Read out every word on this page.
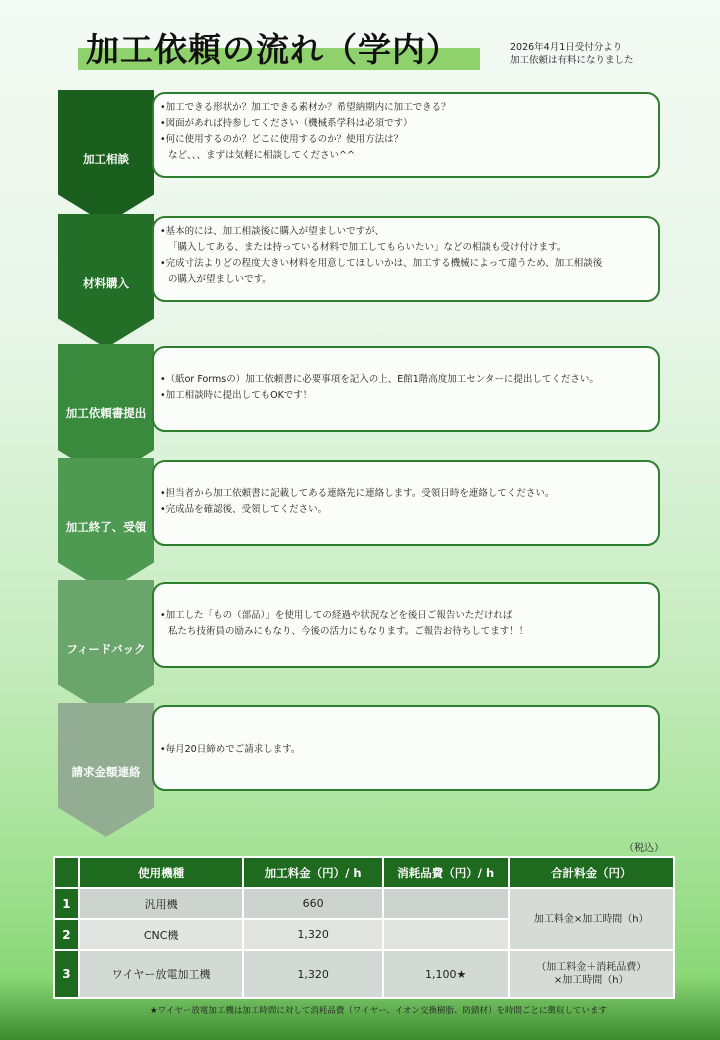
加工依頼の流れ（学内）	2026年4月1日受付分より
加工依頼は有料になりました
加工相談
•加工できる形状か？加工できる素材か？希望納期内に加工できる？
•図面があれば持参してください（機械系学科は必須です）
•何に使用するのか？どこに使用するのか？使用方法は？
など、、、まずは気軽に相談してください^^
材料購入
•基本的には、加工相談後に購入が望ましいですが、
「購入してある、または持っている材料で加工してもらいたい」などの相談も受け付けます。
•完成寸法よりどの程度大きい材料を用意してほしいかは、加工する機械によって違うため、加工相談後
の購入が望ましいです。
加工依頼書提出
•（紙or Formsの）加工依頼書に必要事項を記入の上、E館1階高度加工センターに提出してください。
•加工相談時に提出してもOKです！
加工終了、受領
•担当者から加工依頼書に記載してある連絡先に連絡します。受領日時を連絡してください。
•完成品を確認後、受領してください。
フィードバック
•加工した「もの（部品）」を使用しての経過や状況などを後日ご報告いただければ
私たち技術員の励みにもなり、今後の活力にもなります。ご報告お待ちしてます！！
請求金額連絡
•毎月20日締めでご請求します。
（税込）
	使用機種	加工料金（円）/ h	消耗品費（円）/ h	合計料金（円）
1	汎用機	660		加工料金×加工時間（h）
2	CNC機	1,320		
3	ワイヤー放電加工機	1,320	1,100★	（加工料金＋消耗品費）
×加工時間（h）
★ワイヤー放電加工機は加工時間に対して消耗品費（ワイヤー、イオン交換樹脂、防錆材）を時間ごとに徴収しています
